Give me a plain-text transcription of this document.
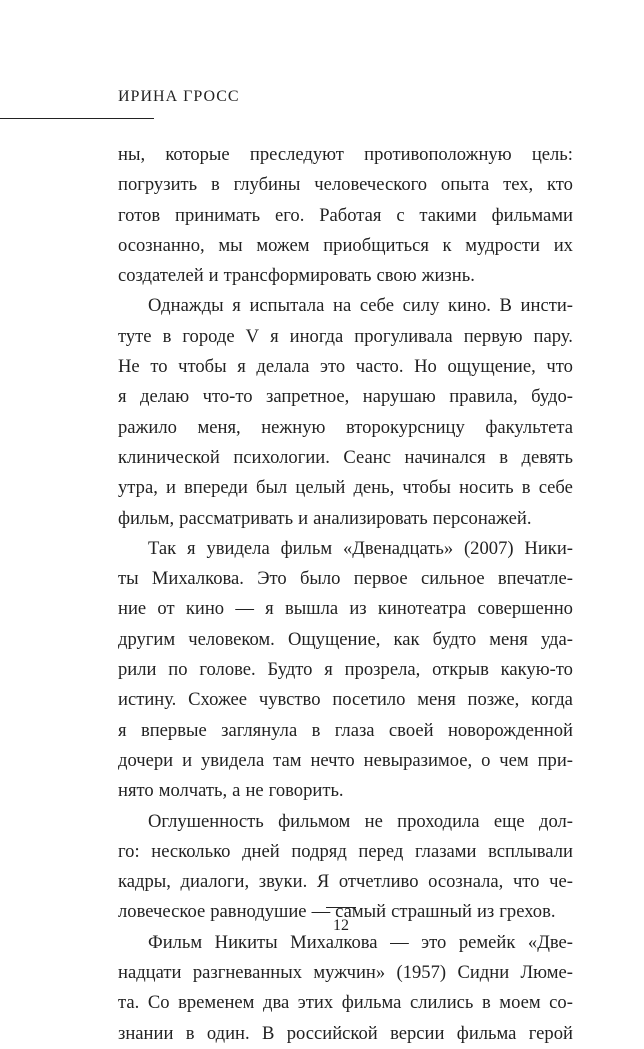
ИРИНА ГРОСС
ны, которые преследуют противоположную цель:
погрузить в глубины человеческого опыта тех, кто
готов принимать его. Работая с такими фильмами
осознанно, мы можем приобщиться к мудрости их
создателей и трансформировать свою жизнь.
Однажды я испытала на себе силу кино. В инсти-
туте в городе V я иногда прогуливала первую пару.
Не то чтобы я делала это часто. Но ощущение, что
я делаю что-то запретное, нарушаю правила, будо-
ражило меня, нежную второкурсницу факультета
клинической психологии. Сеанс начинался в девять
утра, и впереди был целый день, чтобы носить в себе
фильм, рассматривать и анализировать персонажей.
Так я увидела фильм «Двенадцать» (2007) Ники-
ты Михалкова. Это было первое сильное впечатле-
ние от кино — я вышла из кинотеатра совершенно
другим человеком. Ощущение, как будто меня уда-
рили по голове. Будто я прозрела, открыв какую-то
истину. Схожее чувство посетило меня позже, когда
я впервые заглянула в глаза своей новорожденной
дочери и увидела там нечто невыразимое, о чем при-
нято молчать, а не говорить.
Оглушенность фильмом не проходила еще дол-
го: несколько дней подряд перед глазами всплывали
кадры, диалоги, звуки. Я отчетливо осознала, что че-
ловеческое равнодушие — самый страшный из грехов.
Фильм Никиты Михалкова — это ремейк «Две-
надцати разгневанных мужчин» (1957) Сидни Люме-
та. Со временем два этих фильма слились в моем со-
знании в один. В российской версии фильма герой
12
